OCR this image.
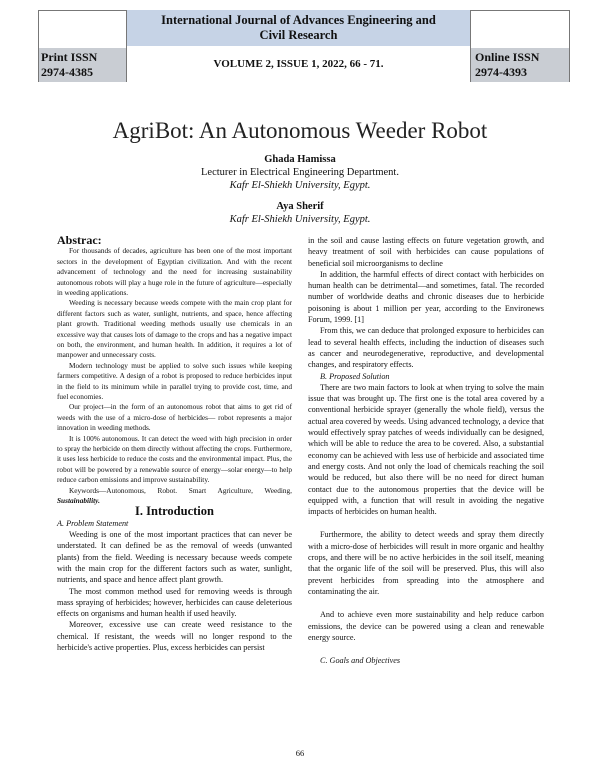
Print ISSN
2974-4385
International Journal of Advances Engineering and
Civil Research
VOLUME 2, ISSUE 1, 2022, 66 - 71.	Online ISSN
2974-4393
AgriBot: An Autonomous Weeder Robot
Ghada Hamissa
Lecturer in Electrical Engineering Department.
Kafr El-Shiekh University, Egypt.
Aya Sherif
Kafr El-Shiekh University, Egypt.

Abstrac:

For thousands of decades, agriculture has been one of the most important sectors in the development of Egyptian civilization. And with the recent advancement of technology and the need for increasing sustainability autonomous robots will play a huge role in the future of agriculture—especially in weeding applications.

Weeding is necessary because weeds compete with the main crop plant for different factors such as water, sunlight, nutrients, and space, hence affecting plant growth. Traditional weeding methods usually use chemicals in an excessive way that causes lots of damage to the crops and has a negative impact on both, the environment, and human health. In addition, it requires a lot of manpower and unnecessary costs.

Modern technology must be applied to solve such issues while keeping farmers competitive. A design of a robot is proposed to reduce herbicides input in the field to its minimum while in parallel trying to provide cost, time, and fuel economies.

Our project—in the form of an autonomous robot that aims to get rid of weeds with the use of a micro-dose of herbicides— robot represents a major innovation in weeding methods.

It is 100% autonomous. It can detect the weed with high precision in order to spray the herbicide on them directly without affecting the crops. Furthermore, it uses less herbicide to reduce the costs and the environmental impact. Plus, the robot will be powered by a renewable source of energy—solar energy—to help reduce carbon emissions and improve sustainability.

Keywords—Autonomous, Robot. Smart Agriculture, Weeding, Sustainability.

I. Introduction

A. Problem Statement

Weeding is one of the most important practices that can never be understated. It can defined be as the removal of weeds (unwanted plants) from the field. Weeding is necessary because weeds compete with the main crop for the different factors such as water, sunlight, nutrients, and space and hence affect plant growth.

The most common method used for removing weeds is through mass spraying of herbicides; however, herbicides can cause deleterious effects on organisms and human health if used heavily.

Moreover, excessive use can create weed resistance to the chemical. If resistant, the weeds will no longer respond to the herbicide's active properties. Plus, excess herbicides can persist

in the soil and cause lasting effects on future vegetation growth, and heavy treatment of soil with herbicides can cause populations of beneficial soil microorganisms to decline

In addition, the harmful effects of direct contact with herbicides on human health can be detrimental—and sometimes, fatal. The recorded number of worldwide deaths and chronic diseases due to herbicide poisoning is about 1 million per year, according to the Environews Forum, 1999. [1]

From this, we can deduce that prolonged exposure to herbicides can lead to several health effects, including the induction of diseases such as cancer and neurodegenerative, reproductive, and developmental changes, and respiratory effects.

B. Proposed Solution

There are two main factors to look at when trying to solve the main issue that was brought up. The first one is the total area covered by a conventional herbicide sprayer (generally the whole field), versus the actual area covered by weeds. Using advanced technology, a device that would effectively spray patches of weeds individually can be designed, which will be able to reduce the area to be covered. Also, a substantial economy can be achieved with less use of herbicide and associated time and energy costs. And not only the load of chemicals reaching the soil would be reduced, but also there will be no need for direct human contact due to the autonomous properties that the device will be equipped with, a function that will result in avoiding the negative impacts of herbicides on human health.

Furthermore, the ability to detect weeds and spray them directly with a micro-dose of herbicides will result in more organic and healthy crops, and there will be no active herbicides in the soil itself, meaning that the organic life of the soil will be preserved. Plus, this will also prevent herbicides from spreading into the atmosphere and contaminating the air.

And to achieve even more sustainability and help reduce carbon emissions, the device can be powered using a clean and renewable energy source.

C. Goals and Objectives

66
